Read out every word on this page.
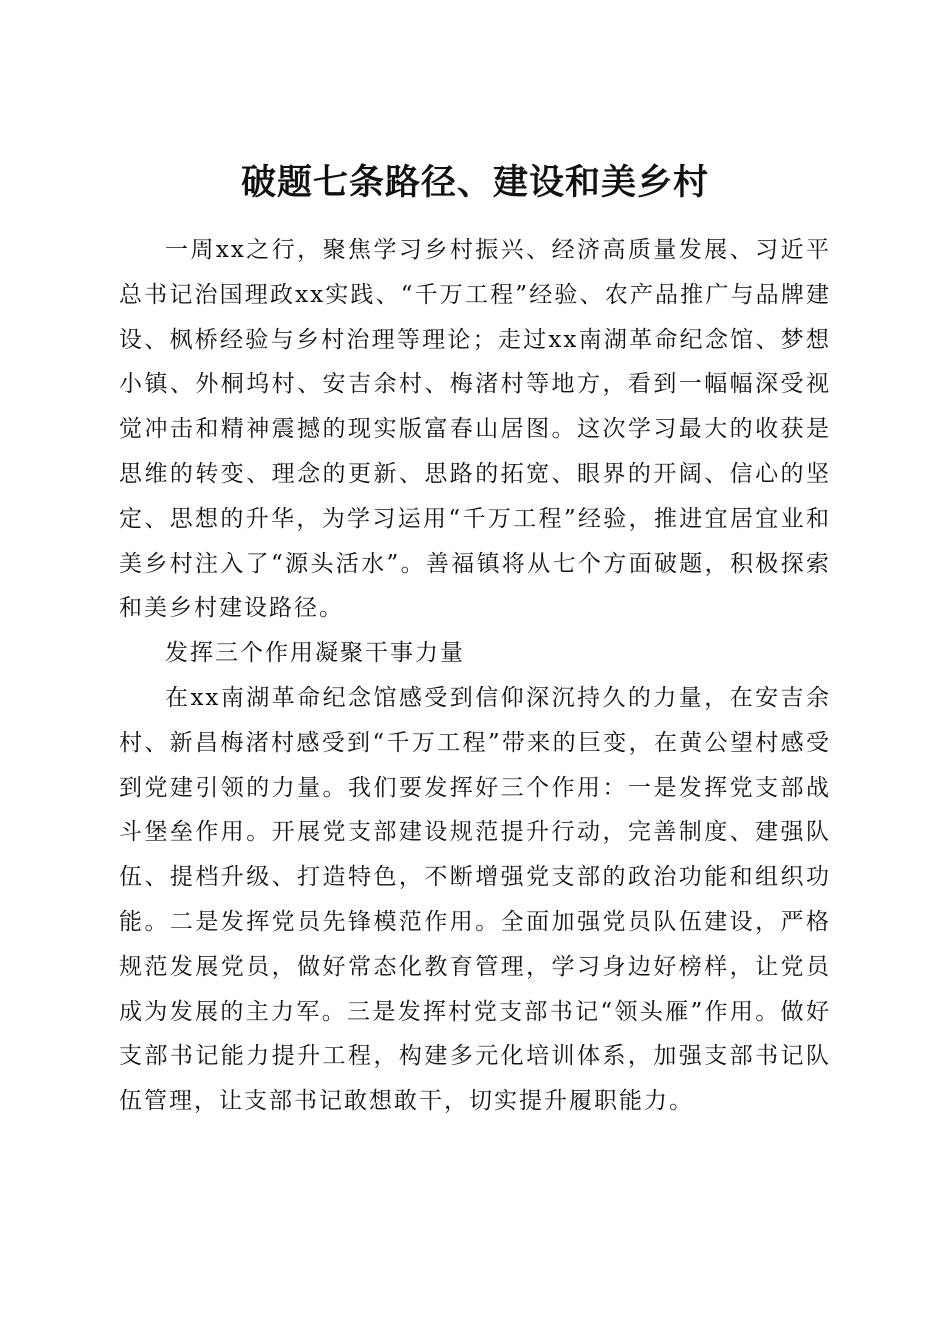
破题七条路径、建设和美乡村

一周xx之行，聚焦学习乡村振兴、经济高质量发展、习近平总书记治国理政xx实践、“千万工程”经验、农产品推广与品牌建设、枫桥经验与乡村治理等理论；走过xx南湖革命纪念馆、梦想小镇、外桐坞村、安吉余村、梅渚村等地方，看到一幅幅深受视觉冲击和精神震撼的现实版富春山居图。这次学习最大的收获是思维的转变、理念的更新、思路的拓宽、眼界的开阔、信心的坚定、思想的升华，为学习运用“千万工程”经验，推进宜居宜业和美乡村注入了“源头活水”。善福镇将从七个方面破题，积极探索和美乡村建设路径。

发挥三个作用凝聚干事力量

在xx南湖革命纪念馆感受到信仰深沉持久的力量，在安吉余村、新昌梅渚村感受到“千万工程”带来的巨变，在黄公望村感受到党建引领的力量。我们要发挥好三个作用：一是发挥党支部战斗堡垒作用。开展党支部建设规范提升行动，完善制度、建强队伍、提档升级、打造特色，不断增强党支部的政治功能和组织功能。二是发挥党员先锋模范作用。全面加强党员队伍建设，严格规范发展党员，做好常态化教育管理，学习身边好榜样，让党员成为发展的主力军。三是发挥村党支部书记“领头雁”作用。做好支部书记能力提升工程，构建多元化培训体系，加强支部书记队伍管理，让支部书记敢想敢干，切实提升履职能力。
